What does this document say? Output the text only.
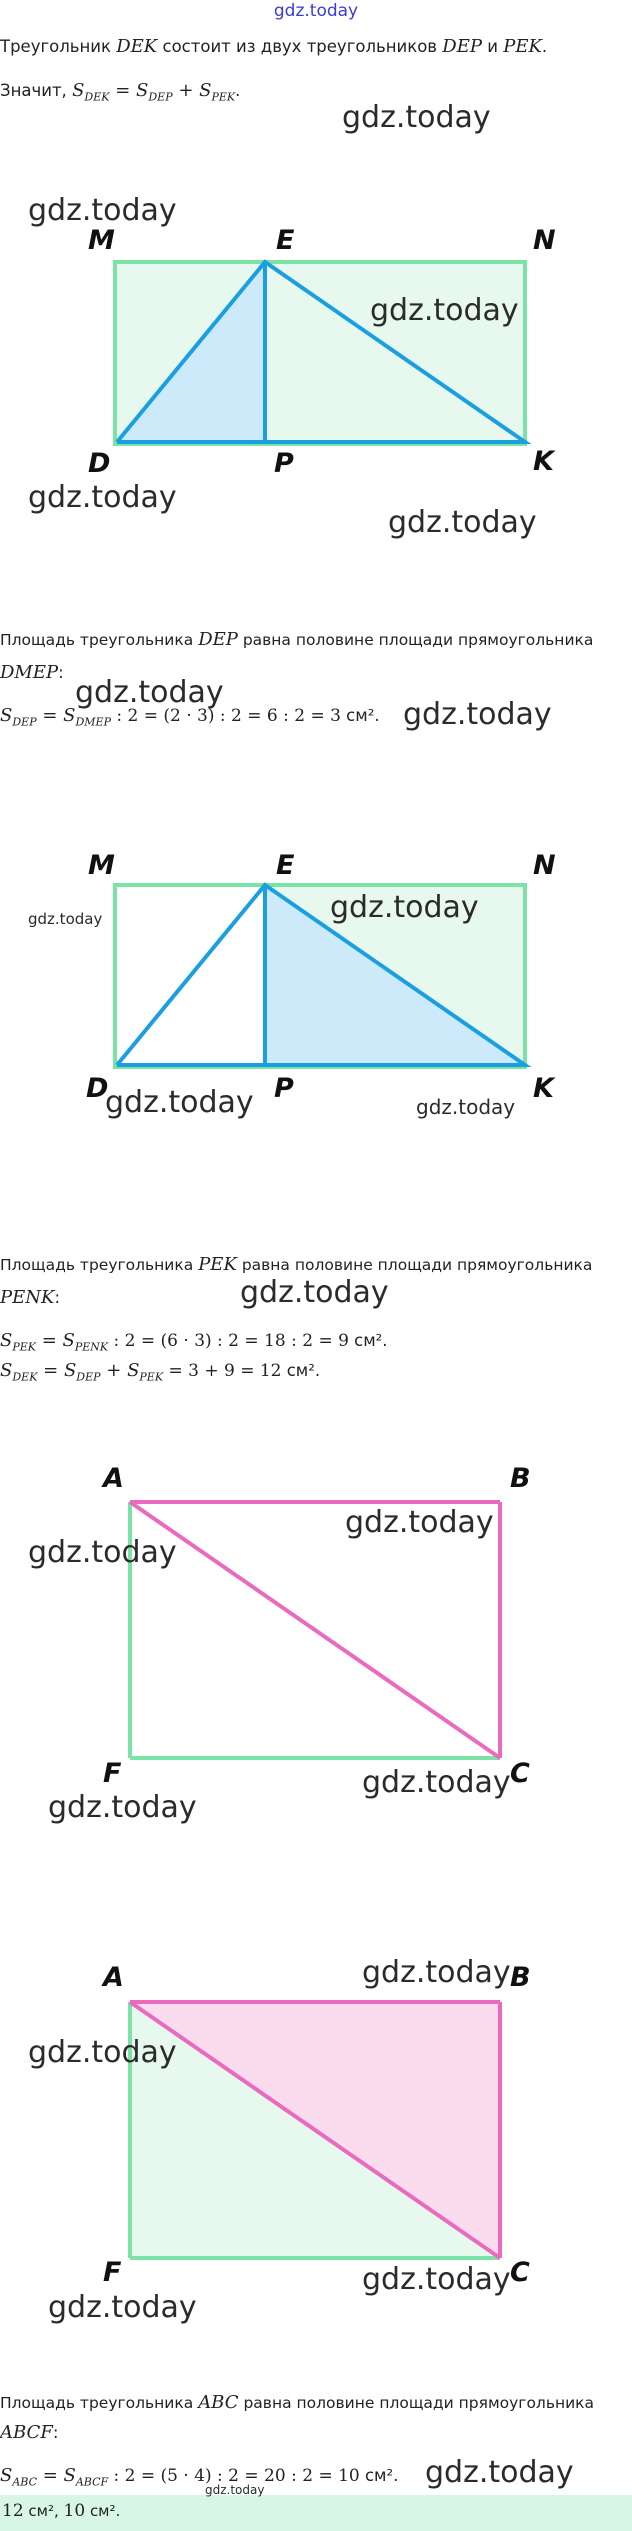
gdz.today
Треугольник DEK состоит из двух треугольников DEP и PEK.
Значит, $S_{DEK} = S_{DEP} + S_{PEK}$.
M	E	N
D	P	K
Площадь треугольника DEP равна половине площади прямоугольника
DMEP:
$S_{DEP} = S_{DMEP}$ : 2 = (2 · 3) : 2 = 6 : 2 = 3 см².
M	E	N
D	P	K
Площадь треугольника PEK равна половине площади прямоугольника
PENK:
$S_{PEK} = S_{PENK}$ : 2 = (6 · 3) : 2 = 18 : 2 = 9 см².
$S_{DEK} = S_{DEP} + S_{PEK} = 3 + 9 = 12$ см².
A	B
F	C
A	B
F	C
Площадь треугольника ABC равна половине площади прямоугольника
ABCF:
$S_{ABC} = S_{ABCF}$ : 2 = (5 · 4) : 2 = 20 : 2 = 10 см².
12 см², 10 см².
gdz.today
gdz.today
gdz.today
gdz.today
gdz.today
gdz.today
gdz.today
gdz.today	gdz.today
gdz.today	gdz.today
gdz.today
gdz.today
gdz.today
gdz.today
gdz.today
gdz.today
gdz.today
gdz.today
gdz.today
gdz.today
gdz.today
